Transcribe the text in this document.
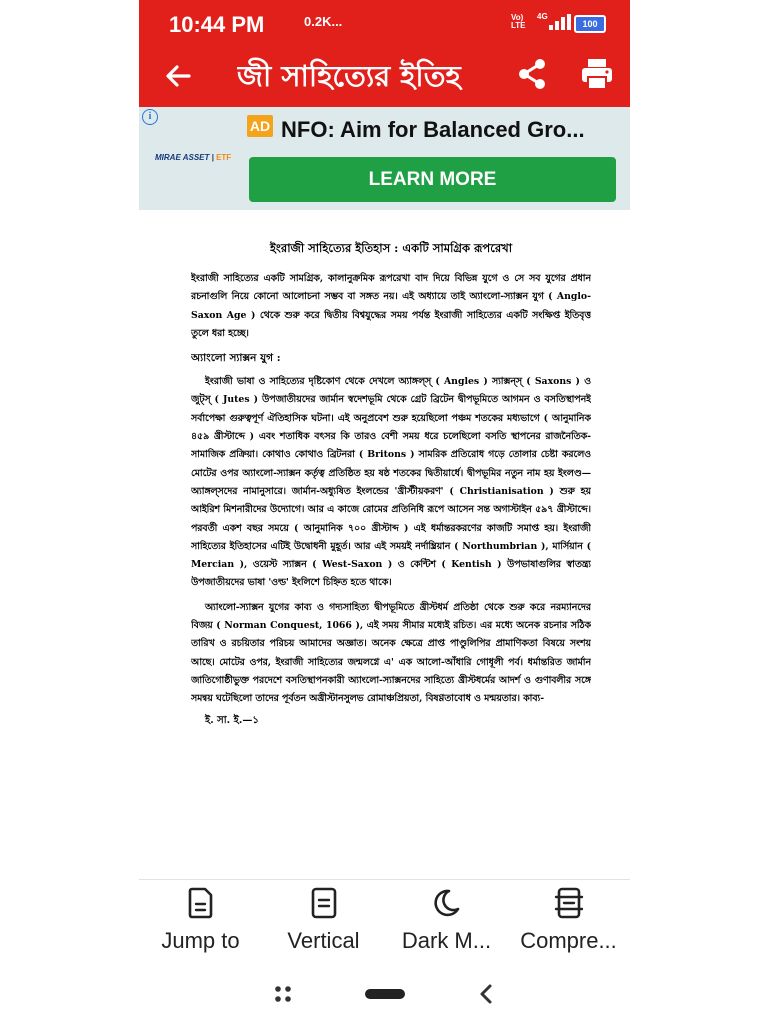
10:44 PM	0.2K...	Vo)
LTE
4G
100
জী সাহিত্যের ইতিহ
i
AD NFO: Aim for Balanced Gro...
MIRAE ASSET | ETF
LEARN MORE
ইংরাজী সাহিত্যের ইতিহাস : একটি সামগ্রিক রূপরেখা

ইংরাজী সাহিত্যের একটি সামগ্রিক, কালানুক্রমিক রূপরেখা বাদ দিয়ে বিভিন্ন যুগে ও সে সব যুগের প্রধান রচনাগুলি নিয়ে কোনো আলোচনা সম্ভব বা সঙ্গত নয়। এই অধ্যায়ে তাই অ্যাংলো-স্যাক্সন যুগ ( Anglo-Saxon Age ) থেকে শুরু করে দ্বিতীয় বিশ্বযুদ্ধের সময় পর্যন্ত ইংরাজী সাহিত্যের একটি সংক্ষিপ্ত ইতিবৃত্ত তুলে ধরা হচ্ছে।

অ্যাংলো স্যাক্সন যুগ :

ইংরাজী ভাষা ও সাহিত্যের দৃষ্টিকোণ থেকে দেখলে অ্যাঙ্গল্স্ ( Angles ) স্যাক্সন্স্ ( Saxons ) ও জুট্স্ ( Jutes ) উপজাতীয়দের জার্মান স্বদেশভূমি থেকে গ্রেট ব্রিটেন দ্বীপভূমিতে আগমন ও বসতিস্থাপনই সর্বাপেক্ষা গুরুত্বপূর্ণ ঐতিহাসিক ঘটনা। এই অনুপ্রবেশ শুরু হয়েছিলো পঞ্চম শতকের মধ্যভাগে ( আনুমানিক ৪৫৯ খ্রীস্টাব্দে ) এবং শতাধিক বৎসর কি তারও বেশী সময় ধরে চলেছিলো বসতি স্থাপনের রাজনৈতিক-সামাজিক প্রক্রিয়া। কোথাও কোথাও ব্রিটনরা ( Britons ) সামরিক প্রতিরোধ গড়ে তোলার চেষ্টা করলেও মোটের ওপর অ্যাংলো-স্যাক্সন কর্তৃত্ব প্রতিষ্ঠিত হয় ষষ্ঠ শতকের দ্বিতীয়ার্ধে। দ্বীপভূমির নতুন নাম হয় ইংলণ্ড—অ্যাঙ্গল্সদের নামানুসারে। জার্মান-অধ্যুষিত ইংলন্ডের 'খ্রীস্টীয়করণ' ( Christianisation ) শুরু হয় আইরিশ মিশনারীদের উদ্যোগে। আর এ কাজে রোমের প্রতিনিধি রূপে আসেন সন্ত অগাস্টাইন ৫৯৭ খ্রীস্টাব্দে। পরবর্তী একশ বছর সময়ে ( আনুমানিক ৭০০ খ্রীস্টাব্দ ) এই ধর্মান্তরকরণের কাজটি সমাপ্ত হয়। ইংরাজী সাহিত্যের ইতিহাসের এটিই উদ্বোধনী মুহূর্ত। আর এই সময়ই নর্দাম্ব্রিয়ান ( Northumbrian ), মার্সিয়ান ( Mercian ), ওয়েস্ট স্যাক্সন ( West-Saxon ) ও কেন্টিশ ( Kentish ) উপভাষাগুলির স্বাতন্ত্র্য উপজাতীয়দের ভাষা 'ওল্ড' ইংলিশে চিহ্নিত হতে থাকে।

অ্যাংলো-স্যাক্সন যুগের কাব্য ও গদ্যসাহিত্য দ্বীপভূমিতে খ্রীস্টধর্ম প্রতিষ্ঠা থেকে শুরু করে নরম্যানদের বিজয় ( Norman Conquest, 1066 ), এই সময় সীমার মধ্যেই রচিত। এর মধ্যে অনেক রচনার সঠিক তারিখ ও রচয়িতার পরিচয় আমাদের অজ্ঞাত। অনেক ক্ষেত্রে প্রাপ্ত পাণ্ডুলিপির প্রামাণিকতা বিষয়ে সংশয় আছে। মোটের ওপর, ইংরাজী সাহিত্যের জন্মলগ্নে এ' এক আলো-আঁধারি গোধূলী পর্ব। ধর্মান্তরিত জার্মান জাতিগোষ্ঠীভুক্ত পরদেশে বসতিস্থাপনকারী অ্যাংলো-স্যাক্সনদের সাহিত্যে খ্রীস্টধর্মের আদর্শ ও গুণাবলীর সঙ্গে সমন্বয় ঘটেছিলো তাদের পূর্বতন অখ্রীস্টানসুলভ রোমাঞ্চপ্রিয়তা, বিষণ্ণতাবোধ ও মন্ময়তার। কাব্য-

ই. সা. ই.—১
Jump to	Vertical	Dark M...	Compre...
